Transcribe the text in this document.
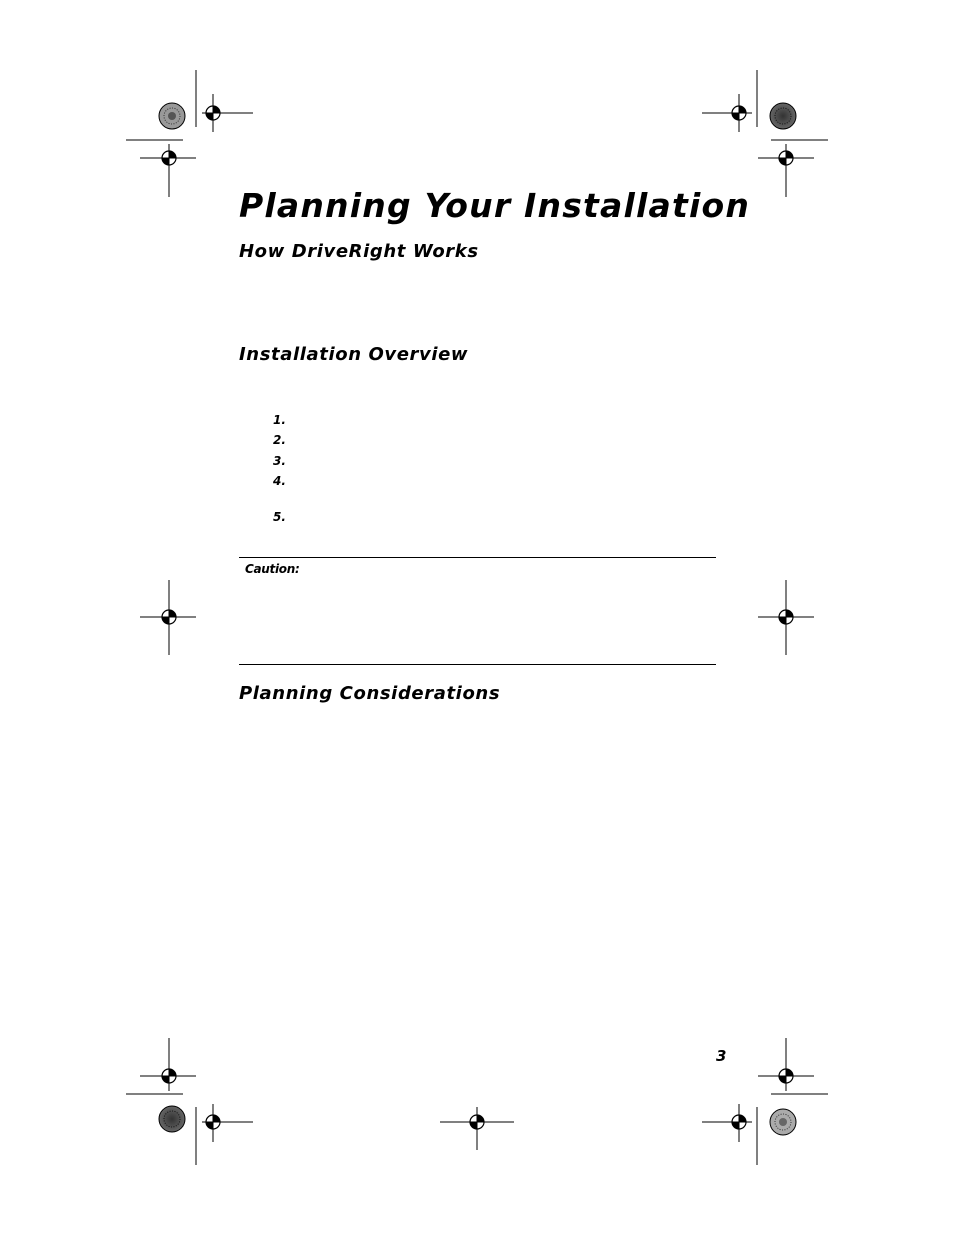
Planning Your Installation
How DriveRight Works
Installation Overview
1.
2.
3.
4.
5.
Caution:
Planning Considerations
3
